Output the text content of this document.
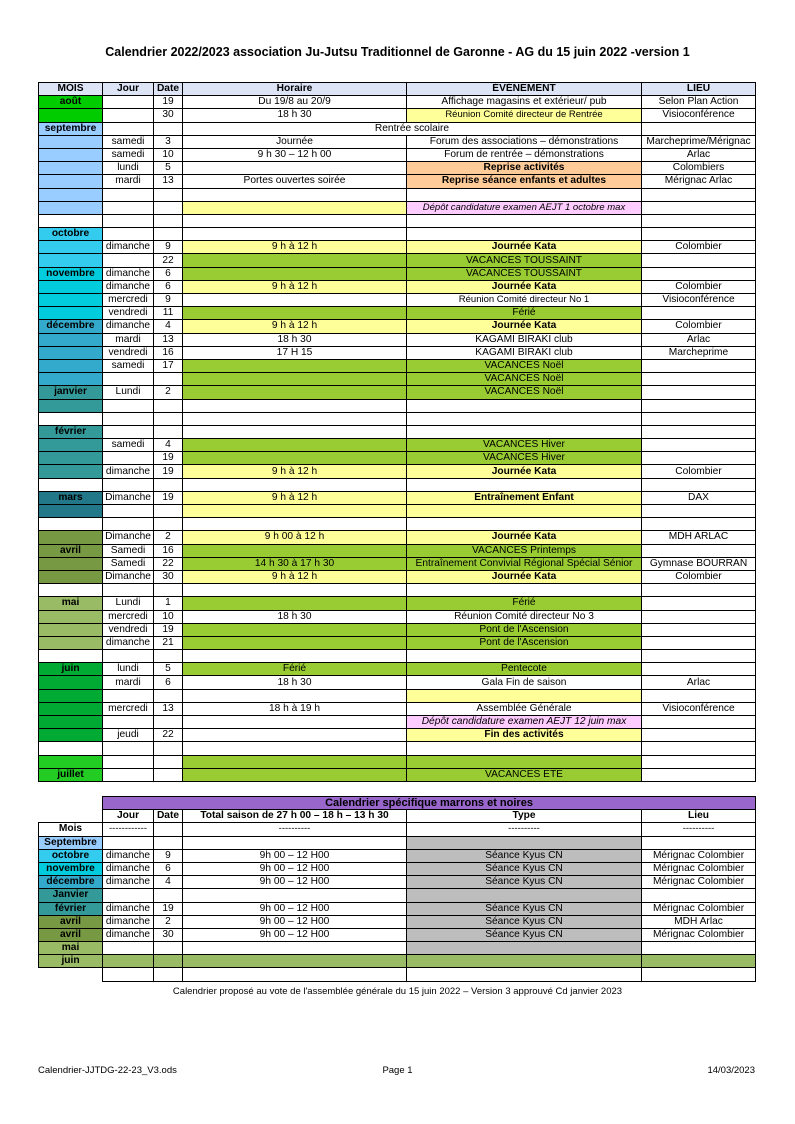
Calendrier 2022/2023 association Ju-Jutsu Traditionnel de Garonne - AG du 15 juin 2022 -version 1
MOIS	Jour	Date	Horaire	ÉVÉNEMENT	LIEU
août		19	Du 19/8 au 20/9	Affichage magasins et extérieur/ pub	Selon Plan Action
		30	18 h 30	Réunion Comité directeur de Rentrée	Visioconférence
septembre			Rentrée scolaire		
	samedi	3	Journée	Forum des associations – démonstrations	Marcheprime/Mérignac
	samedi	10	9 h 30 – 12 h 00	Forum de rentrée – démonstrations	Arlac
	lundi	5		Reprise activités	Colombiers
	mardi	13	Portes ouvertes soirée	Reprise séance enfants et adultes	Mérignac Arlac

				Dépôt candidature examen AEJT 1 octobre max	

octobre					
	dimanche	9	9 h à 12 h	Journée Kata	Colombier
		22		VACANCES TOUSSAINT	
novembre	dimanche	6		VACANCES TOUSSAINT	
	dimanche	6	9 h à 12 h	Journée Kata	Colombier
	mercredi	9		Réunion Comité directeur No 1	Visioconférence
	vendredi	11		Férié	
décembre	dimanche	4	9 h à 12 h	Journée Kata	Colombier
	mardi	13	18 h 30	KAGAMI BIRAKI club	Arlac
	vendredi	16	17 H 15	KAGAMI BIRAKI club	Marcheprime
	samedi	17		VACANCES Noël	
				VACANCES Noël	
janvier	Lundi	2		VACANCES Noël	

février					
	samedi	4		VACANCES Hiver	
		19		VACANCES Hiver	
	dimanche	19	9 h à 12 h	Journée Kata	Colombier

mars	Dimanche	19	9 h à 12 h	Entraînement Enfant	DAX

	Dimanche	2	9 h 00 à 12 h	Journée Kata	MDH ARLAC
avril	Samedi	16		VACANCES Printemps	
	Samedi	22	14 h 30 à 17 h 30	Entraînement Convivial Régional Spécial Sénior	Gymnase BOURRAN
	Dimanche	30	9 h à 12 h	Journée Kata	Colombier

mai	Lundi	1		Férié	
	mercredi	10	18 h 30	Réunion Comité directeur No 3	
	vendredi	19		Pont de l'Ascension	
	dimanche	21		Pont de l'Ascension	

juin	lundi	5	Férié	Pentecote	
	mardi	6	18 h 30	Gala Fin de saison	Arlac

	mercredi	13	18 h à 19 h	Assemblée Générale	Visioconférence
				Dépôt candidature examen AEJT 12 juin max	
	jeudi	22		Fin des activités	

juillet				VACANCES ETE	
	Calendrier spécifique marrons et noires				
	Jour	Date	Total saison de 27 h 00 – 18 h – 13 h 30	Type	Lieu
Mois	------------		----------	----------	----------
Septembre					
octobre	dimanche	9	9h 00 – 12 H00	Séance Kyus CN	Mérignac Colombier
novembre	dimanche	6	9h 00 – 12 H00	Séance Kyus CN	Mérignac Colombier
décembre	dimanche	4	9h 00 – 12 H00	Séance Kyus CN	Mérignac Colombier
Janvier					
février	dimanche	19	9h 00 – 12 H00	Séance Kyus CN	Mérignac Colombier
avril	dimanche	2	9h 00 – 12 H00	Séance Kyus CN	MDH Arlac
avril	dimanche	30	9h 00 – 12 H00	Séance Kyus CN	Mérignac Colombier
mai					
juin					

Calendrier proposé au vote de l'assemblée générale du 15 juin 2022 – Version 3 approuvé Cd janvier 2023
Calendrier-JJTDG-22-23_V3.ods	Page 1	14/03/2023
